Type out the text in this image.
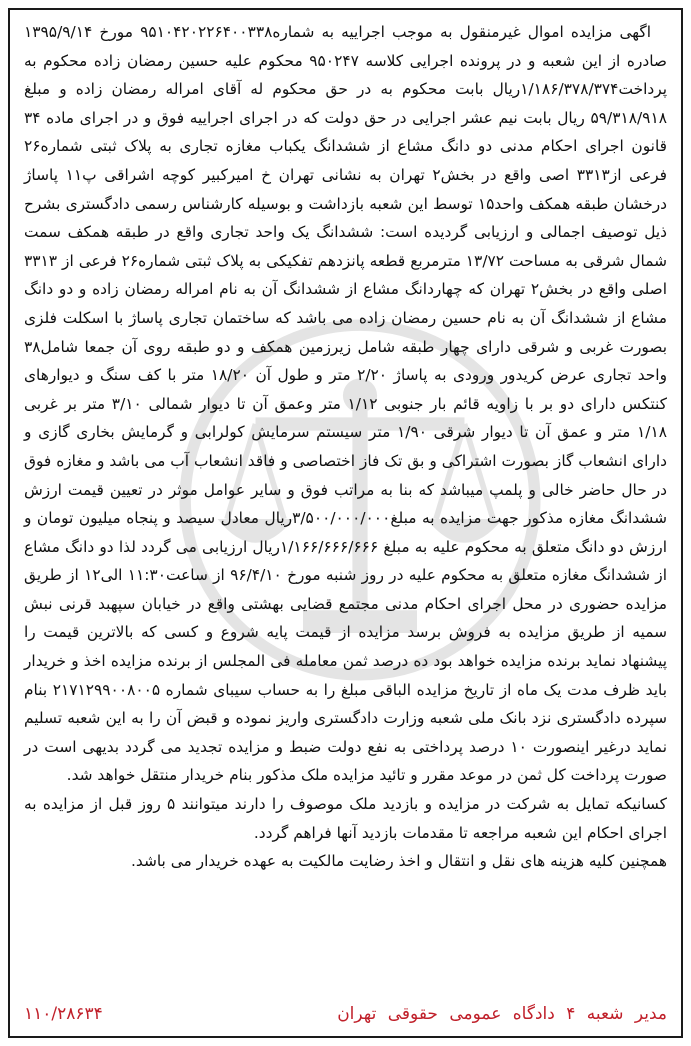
اگهی مزایده اموال غیرمنقول به موجب اجراییه به شماره۹۵۱۰۴۲۰۲۲۶۴۰۰۳۳۸ مورخ ۱۳۹۵/۹/۱۴ صادره از این شعبه و در پرونده اجرایی کلاسه ۹۵۰۲۴۷ محکوم علیه حسین رمضان زاده محکوم به پرداخت۱/۱۸۶/۳۷۸/۳۷۴ریال بابت محکوم به در حق محکوم له آقای امراله رمضان زاده و مبلغ ۵۹/۳۱۸/۹۱۸ ریال بابت نیم عشر اجرایی در حق دولت که در اجرای اجراییه فوق و در اجرای ماده ۳۴ قانون اجرای احکام مدنی دو دانگ مشاع از ششدانگ یکباب مغازه تجاری به پلاک ثبتی شماره۲۶ فرعی از۳۳۱۳ اصی واقع در بخش۲ تهران به نشانی تهران خ امیرکبیر کوچه اشراقی پ۱۱ پاساژ درخشان طبقه همکف واحد۱۵ توسط این شعبه بازداشت و بوسیله کارشناس رسمی دادگستری بشرح ذیل توصیف اجمالی و ارزیابی گردیده است: ششدانگ یک واحد تجاری واقع در طبقه همکف سمت شمال شرقی به مساحت ۱۳/۷۲ مترمربع قطعه پانزدهم تفکیکی به پلاک ثبتی شماره۲۶ فرعی از ۳۳۱۳ اصلی واقع در بخش۲ تهران که چهاردانگ مشاع از ششدانگ آن به نام امراله رمضان زاده و دو دانگ مشاع از ششدانگ آن به نام حسین رمضان زاده می باشد که ساختمان تجاری پاساژ با اسکلت فلزی بصورت غربی و شرقی دارای چهار طبقه شامل زیرزمین همکف و دو طبقه روی آن جمعا شامل۳۸ واحد تجاری عرض کریدور ورودی به پاساژ ۲/۲۰ متر و طول آن ۱۸/۲۰ متر با کف سنگ و دیوارهای کنتکس دارای دو بر با زاویه قائم بار جنوبی ۱/۱۲ متر وعمق آن تا دیوار شمالی ۳/۱۰ متر بر غربی ۱/۱۸ متر و عمق آن تا دیوار شرقی ۱/۹۰ متر سیستم سرمایش کولرابی و گرمایش بخاری گازی و دارای انشعاب گاز بصورت اشتراکی و بق تک فاز اختصاصی و فاقد انشعاب آب می باشد و مغازه فوق در حال حاضر خالی و پلمپ میباشد که بنا به مراتب فوق و سایر عوامل موثر در تعیین قیمت ارزش ششدانگ مغازه مذکور جهت مزایده به مبلغ۳/۵۰۰/۰۰۰/۰۰۰ریال معادل سیصد و پنجاه میلیون تومان و ارزش دو دانگ متعلق به محکوم علیه به مبلغ ۱/۱۶۶/۶۶۶/۶۶۶ریال ارزیابی می گردد لذا دو دانگ مشاع از ششدانگ مغازه متعلق به محکوم علیه در روز شنبه مورخ ۹۶/۴/۱۰ از ساعت۱۱:۳۰ الی۱۲ از طریق مزایده حضوری در محل اجرای احکام مدنی مجتمع قضایی بهشتی واقع در خیابان سپهبد قرنی نبش سمیه از طریق مزایده به فروش برسد مزایده از قیمت پایه شروع و کسی که بالاترین قیمت را پیشنهاد نماید برنده مزایده خواهد بود ده درصد ثمن معامله فی المجلس از برنده مزایده اخذ و خریدار باید ظرف مدت یک ماه از تاریخ مزایده الباقی مبلغ را به حساب سیبای شماره ۲۱۷۱۲۹۹۰۰۸۰۰۵ بنام سپرده دادگستری نزد بانک ملی شعبه وزارت دادگستری واریز نموده و قبض آن را به این شعبه تسلیم نماید درغیر اینصورت ۱۰ درصد پرداختی به نفع دولت ضبط و مزایده تجدید می گردد بدیهی است در صورت پرداخت کل ثمن در موعد مقرر و تائید مزایده ملک مذکور بنام خریدار منتقل خواهد شد.

کسانیکه تمایل به شرکت در مزایده و بازدید ملک موصوف را دارند میتوانند ۵ روز قبل از مزایده به اجرای احکام این شعبه مراجعه تا مقدمات بازدید آنها فراهم گردد.

همچنین کلیه هزینه های نقل و انتقال و اخذ رضایت مالکیت به عهده خریدار می باشد.

مدیر شعبه ۴ دادگاه عمومی حقوقی تهران
۱۱۰/۲۸۶۳۴
